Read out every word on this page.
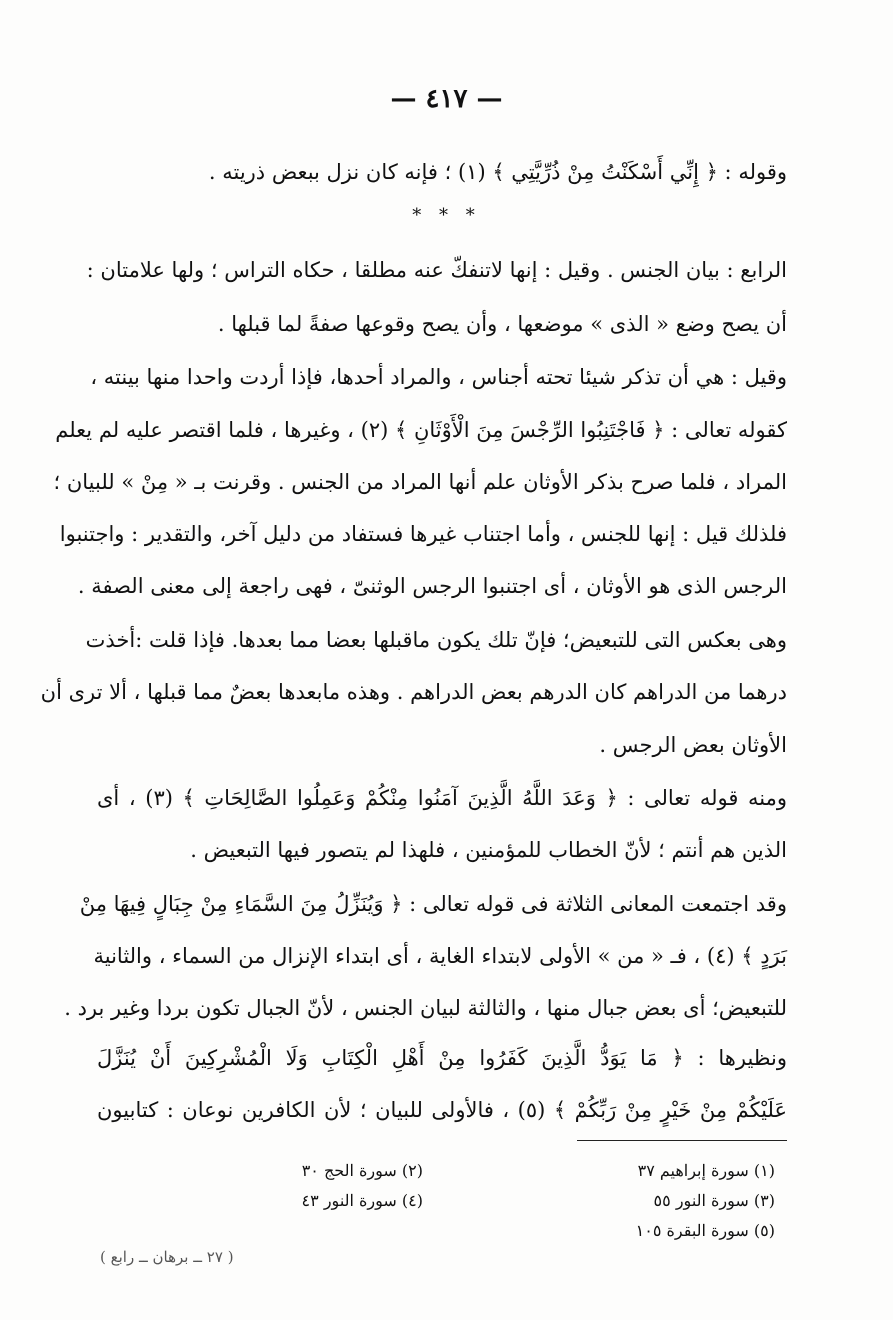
— ٤١٧ —
وقوله : ﴿ إِنِّي أَسْكَنْتُ مِنْ ذُرِّيَّتِي ﴾ (١) ؛ فإنه كان نزل ببعض ذريته .
* * *
الرابع : بيان الجنس . وقيل : إنها لاتنفكّ عنه مطلقا ، حكاه التراس ؛ ولها علامتان :
أن يصح وضع « الذى » موضعها ، وأن يصح وقوعها صفةً لما قبلها .
وقيل : هي أن تذكر شيئا تحته أجناس ، والمراد أحدها، فإذا أردت واحدا منها بينته ،
كقوله تعالى : ﴿ فَاجْتَنِبُوا الرِّجْسَ مِنَ الْأَوْثَانِ ﴾ (٢) ، وغيرها ، فلما اقتصر عليه لم يعلم
المراد ، فلما صرح بذكر الأوثان علم أنها المراد من الجنس . وقرنت بـ « مِنْ » للبيان ؛
فلذلك قيل : إنها للجنس ، وأما اجتناب غيرها فستفاد من دليل آخر، والتقدير : واجتنبوا
الرجس الذى هو الأوثان ، أى اجتنبوا الرجس الوثنىّ ، فهى راجعة إلى معنى الصفة .
وهى بعكس التى للتبعيض؛ فإنّ تلك يكون ماقبلها بعضا مما بعدها. فإذا قلت :أخذت
درهما من الدراهم كان الدرهم بعض الدراهم . وهذه مابعدها بعضٌ مما قبلها ، ألا ترى أن
الأوثان بعض الرجس .
ومنه قوله تعالى : ﴿ وَعَدَ اللَّهُ الَّذِينَ آمَنُوا مِنْكُمْ وَعَمِلُوا الصَّالِحَاتِ ﴾ (٣) ، أى
الذين هم أنتم ؛ لأنّ الخطاب للمؤمنين ، فلهذا لم يتصور فيها التبعيض .
وقد اجتمعت المعانى الثلاثة فى قوله تعالى : ﴿ وَيُنَزِّلُ مِنَ السَّمَاءِ مِنْ جِبَالٍ فِيهَا مِنْ
بَرَدٍ ﴾ (٤) ، فـ « من » الأولى لابتداء الغاية ، أى ابتداء الإنزال من السماء ، والثانية
للتبعيض؛ أى بعض جبال منها ، والثالثة لبيان الجنس ، لأنّ الجبال تكون بردا وغير برد .
ونظيرها : ﴿ مَا يَوَدُّ الَّذِينَ كَفَرُوا مِنْ أَهْلِ الْكِتَابِ وَلَا الْمُشْرِكِينَ أَنْ يُنَزَّلَ
عَلَيْكُمْ مِنْ خَيْرٍ مِنْ رَبِّكُمْ ﴾ (٥) ، فالأولى للبيان ؛ لأن الكافرين نوعان : كتابيون
(١) سورة إبراهيم ٣٧
(٣) سورة النور ٥٥
(٥) سورة البقرة ١٠٥
(٢) سورة الحج ٣٠
(٤) سورة النور ٤٣
( ٢٧ ــ برهان ــ رابع )
